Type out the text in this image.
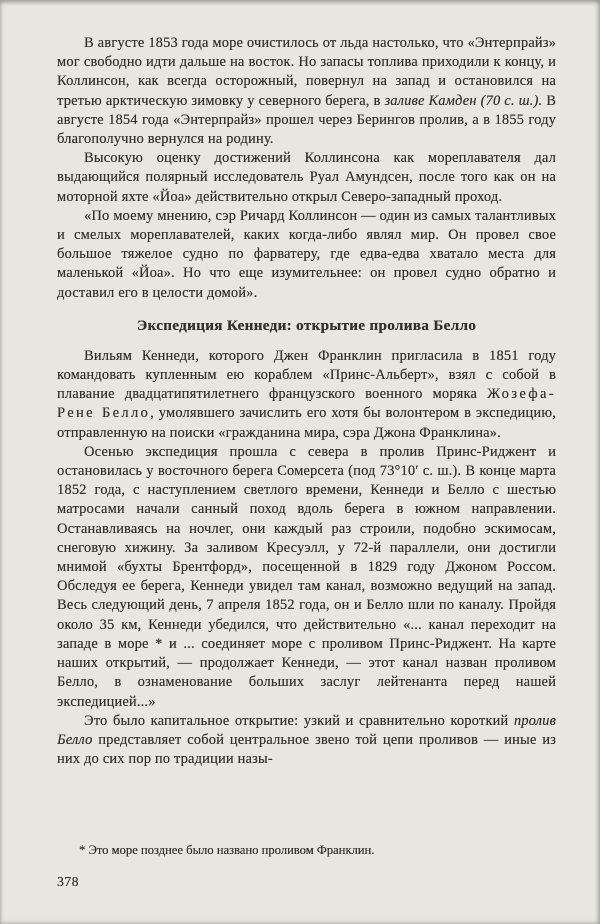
В августе 1853 года море очистилось от льда настолько, что «Энтерпрайз» мог свободно идти дальше на восток. Но запасы топлива приходили к концу, и Коллинсон, как всегда осторожный, повернул на запад и остановился на третью арктическую зимовку у северного берега, в заливе Камден (70 с. ш.). В августе 1854 года «Энтерпрайз» прошел через Берингов пролив, а в 1855 году благополучно вернулся на родину.

Высокую оценку достижений Коллинсона как мореплавателя дал выдающийся полярный исследователь Руал Амундсен, после того как он на моторной яхте «Йоа» действительно открыл Северо-западный проход.

«По моему мнению, сэр Ричард Коллинсон — один из самых талантливых и смелых мореплавателей, каких когда-либо являл мир. Он провел свое большое тяжелое судно по фарватеру, где едва-едва хватало места для маленькой «Йоа». Но что еще изумительнее: он провел судно обратно и доставил его в целости домой».

Экспедиция Кеннеди: открытие пролива Белло

Вильям Кеннеди, которого Джен Франклин пригласила в 1851 году командовать купленным ею кораблем «Принс-Альберт», взял с собой в плавание двадцатипятилетнего французского военного моряка Жозефа-Рене Белло, умолявшего зачислить его хотя бы волонтером в экспедицию, отправленную на поиски «гражданина мира, сэра Джона Франклина».

Осенью экспедиция прошла с севера в пролив Принс-Риджент и остановилась у восточного берега Сомерсета (под 73°10′ с. ш.). В конце марта 1852 года, с наступлением светлого времени, Кеннеди и Белло с шестью матросами начали санный поход вдоль берега в южном направлении. Останавливаясь на ночлег, они каждый раз строили, подобно эскимосам, снеговую хижину. За заливом Кресуэлл, у 72-й параллели, они достигли мнимой «бухты Брентфорд», посещенной в 1829 году Джоном Россом. Обследуя ее берега, Кеннеди увидел там канал, возможно ведущий на запад. Весь следующий день, 7 апреля 1852 года, он и Белло шли по каналу. Пройдя около 35 км, Кеннеди убедился, что действительно «... канал переходит на западе в море * и ... соединяет море с проливом Принс-Риджент. На карте наших открытий, — продолжает Кеннеди, — этот канал назван проливом Белло, в ознаменование больших заслуг лейтенанта перед нашей экспедицией...»

Это было капитальное открытие: узкий и сравнительно короткий пролив Белло представляет собой центральное звено той цепи проливов — иные из них до сих пор по традиции назы-

* Это море позднее было названо проливом Франклин.
378
